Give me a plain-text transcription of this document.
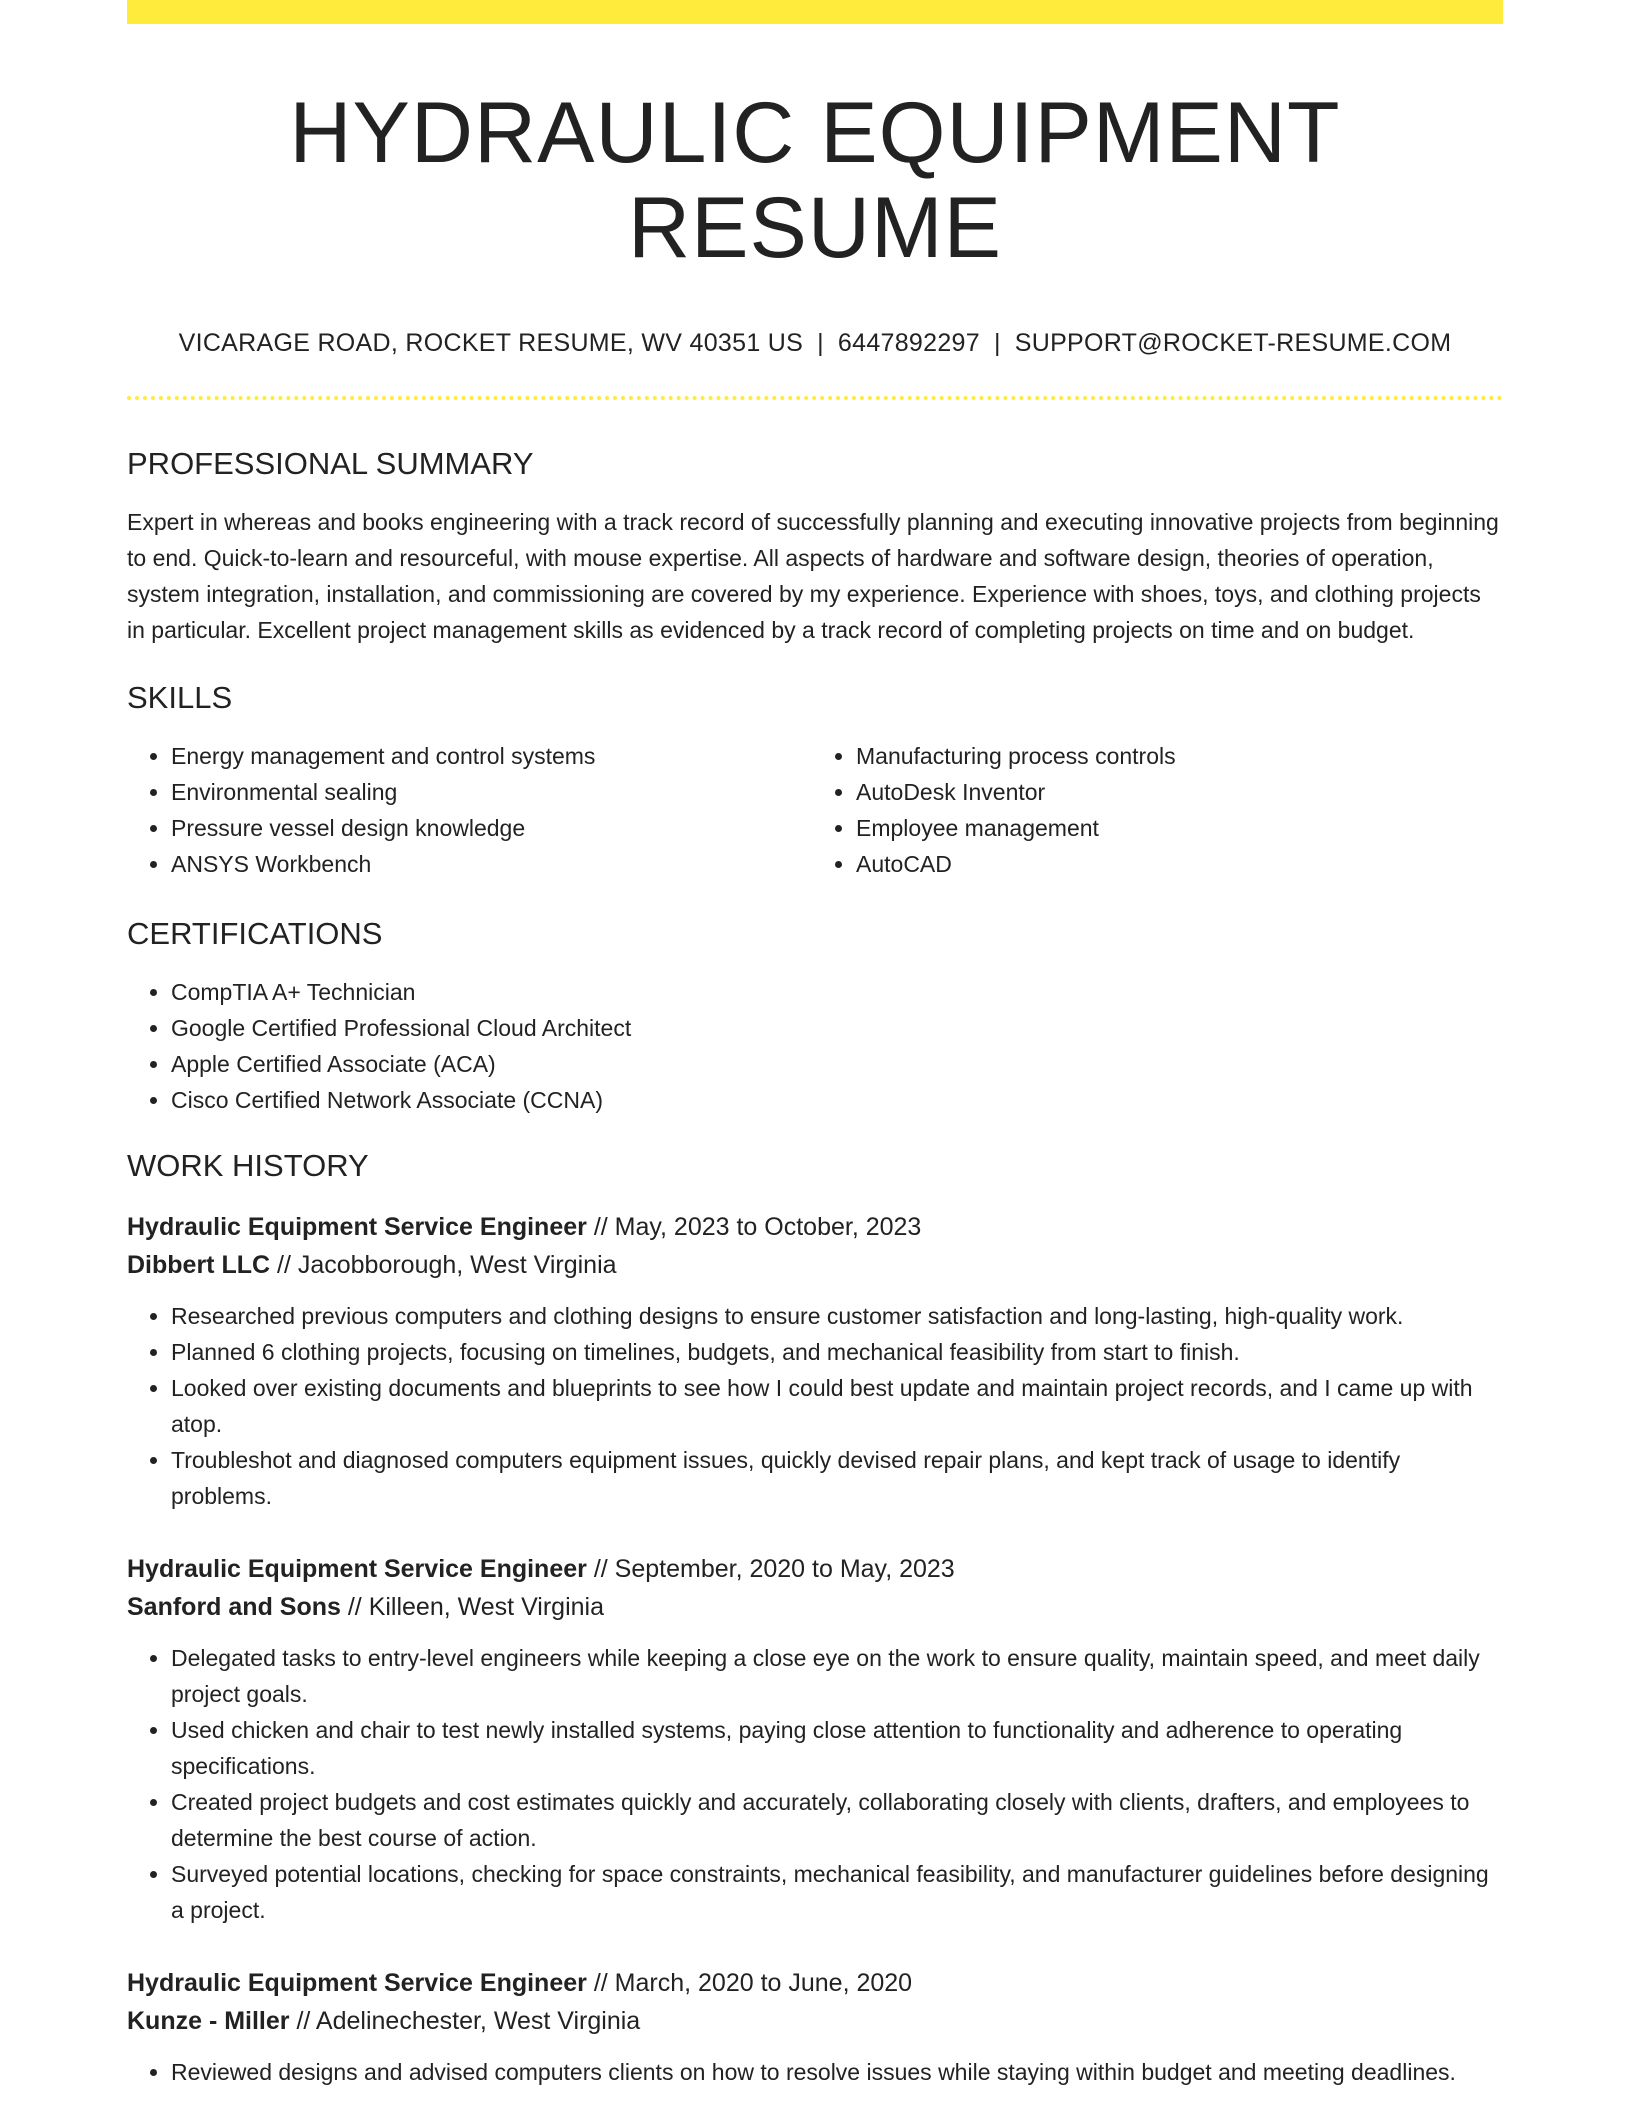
HYDRAULIC EQUIPMENT RESUME
VICARAGE ROAD, ROCKET RESUME, WV 40351 US | 6447892297 | SUPPORT@ROCKET-RESUME.COM
PROFESSIONAL SUMMARY

Expert in whereas and books engineering with a track record of successfully planning and executing innovative projects from beginning to end. Quick-to-learn and resourceful, with mouse expertise. All aspects of hardware and software design, theories of operation, system integration, installation, and commissioning are covered by my experience. Experience with shoes, toys, and clothing projects in particular. Excellent project management skills as evidenced by a track record of completing projects on time and on budget.

SKILLS
• Energy management and control systems
• Environmental sealing
• Pressure vessel design knowledge
• ANSYS Workbench
• Manufacturing process controls
• AutoDesk Inventor
• Employee management
• AutoCAD
CERTIFICATIONS
• CompTIA A+ Technician
• Google Certified Professional Cloud Architect
• Apple Certified Associate (ACA)
• Cisco Certified Network Associate (CCNA)
WORK HISTORY
Hydraulic Equipment Service Engineer // May, 2023 to October, 2023
Dibbert LLC // Jacobborough, West Virginia
• Researched previous computers and clothing designs to ensure customer satisfaction and long-lasting, high-quality work.
• Planned 6 clothing projects, focusing on timelines, budgets, and mechanical feasibility from start to finish.
• Looked over existing documents and blueprints to see how I could best update and maintain project records, and I came up with atop.
• Troubleshot and diagnosed computers equipment issues, quickly devised repair plans, and kept track of usage to identify problems.
Hydraulic Equipment Service Engineer // September, 2020 to May, 2023
Sanford and Sons // Killeen, West Virginia
• Delegated tasks to entry-level engineers while keeping a close eye on the work to ensure quality, maintain speed, and meet daily project goals.
• Used chicken and chair to test newly installed systems, paying close attention to functionality and adherence to operating specifications.
• Created project budgets and cost estimates quickly and accurately, collaborating closely with clients, drafters, and employees to determine the best course of action.
• Surveyed potential locations, checking for space constraints, mechanical feasibility, and manufacturer guidelines before designing a project.
Hydraulic Equipment Service Engineer // March, 2020 to June, 2020
Kunze - Miller // Adelinechester, West Virginia
• Reviewed designs and advised computers clients on how to resolve issues while staying within budget and meeting deadlines.
